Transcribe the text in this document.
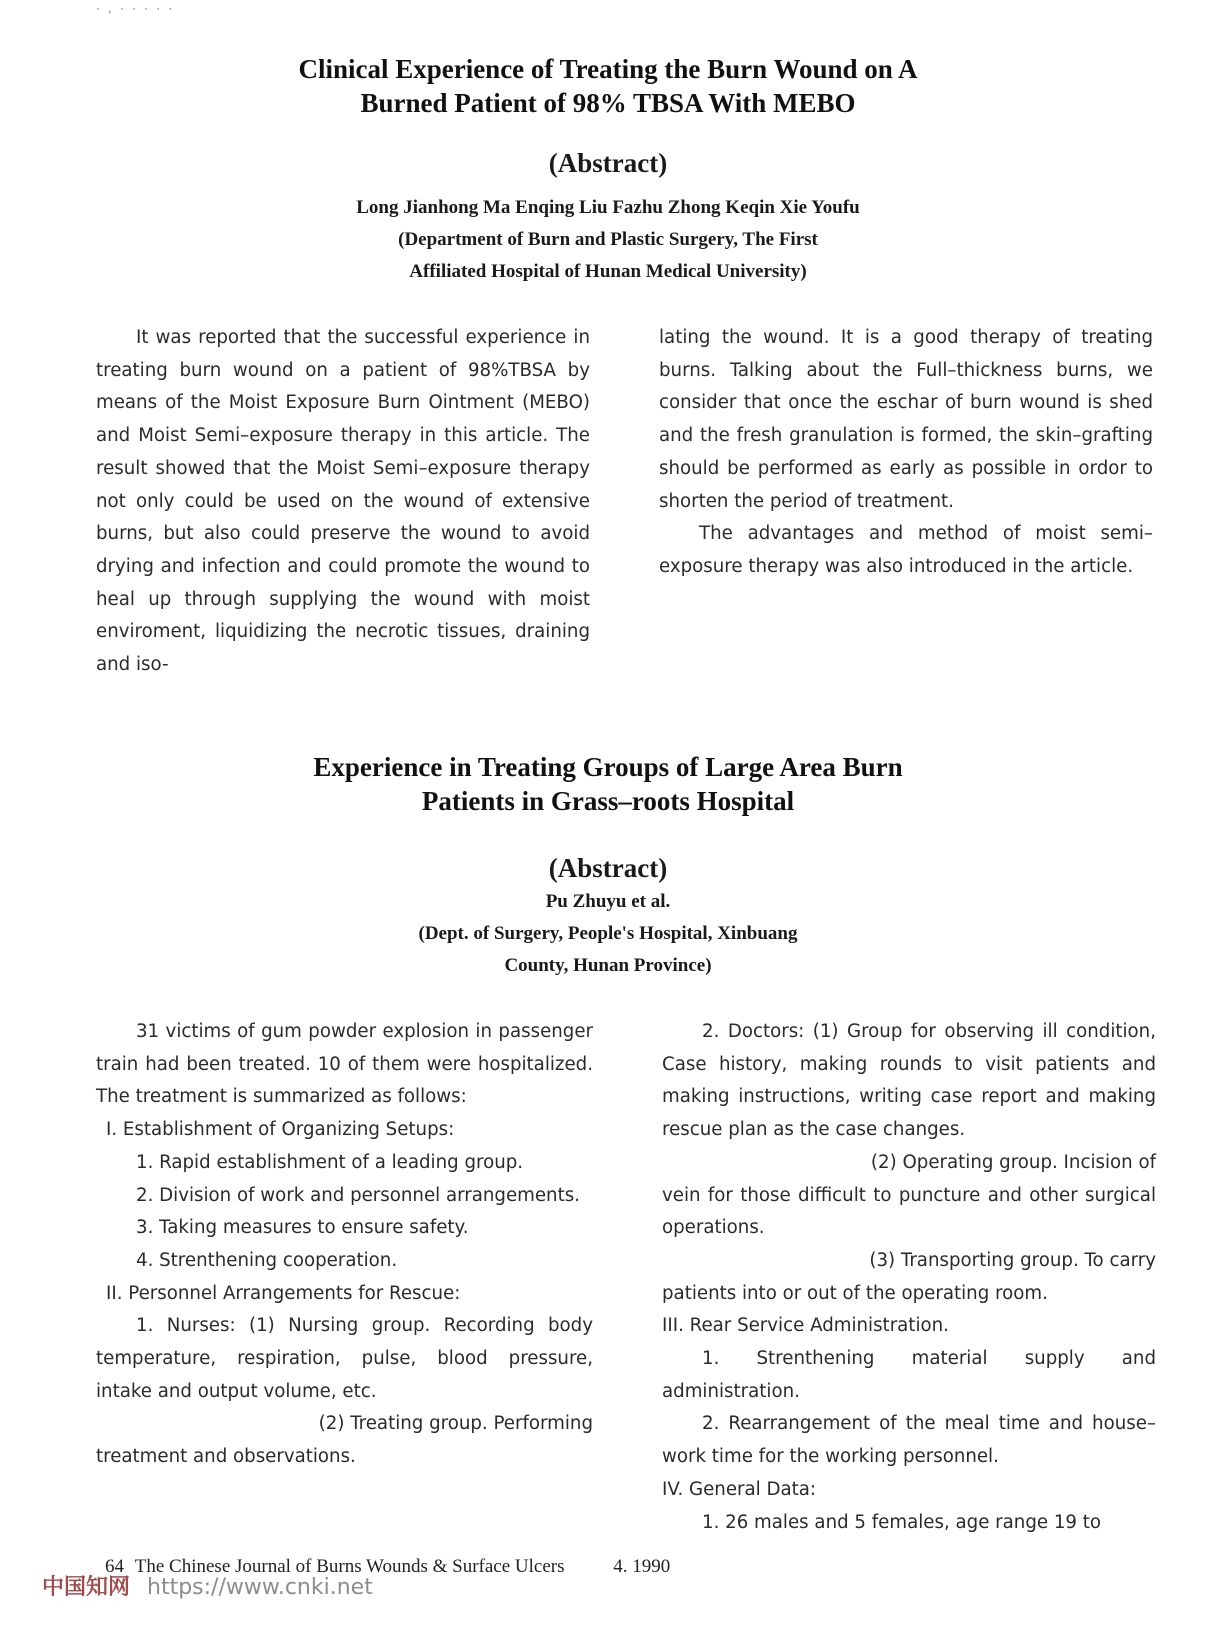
· , · · · · ·
Clinical Experience of Treating the Burn Wound on A
Burned Patient of 98% TBSA With MEBO
(Abstract)
Long Jianhong Ma Enqing Liu Fazhu Zhong Keqin Xie Youfu
(Department of Burn and Plastic Surgery, The First
Affiliated Hospital of Hunan Medical University)

It was reported that the successful experience in treating burn wound on a patient of 98%TBSA by means of the Moist Exposure Burn Ointment (MEBO) and Moist Semi–exposure therapy in this article. The result showed that the Moist Semi–exposure therapy not only could be used on the wound of extensive burns, but also could preserve the wound to avoid drying and infection and could promote the wound to heal up through supplying the wound with moist enviroment, liquidizing the necrotic tissues, draining and iso-

lating the wound. It is a good therapy of treating burns. Talking about the Full–thickness burns, we consider that once the eschar of burn wound is shed and the fresh granulation is formed, the skin–grafting should be performed as early as possible in ordor to shorten the period of treatment.

The advantages and method of moist semi–exposure therapy was also introduced in the article.

Experience in Treating Groups of Large Area Burn
Patients in Grass–roots Hospital
(Abstract)
Pu Zhuyu et al.
(Dept. of Surgery, People's Hospital, Xinbuang
County, Hunan Province)

31 victims of gum powder explosion in passenger train had been treated. 10 of them were hospitalized. The treatment is summarized as follows:

I. Establishment of Organizing Setups:

1. Rapid establishment of a leading group.

2. Division of work and personnel arrangements.

3. Taking measures to ensure safety.

4. Strenthening cooperation.

II. Personnel Arrangements for Rescue:

1. Nurses: (1) Nursing group. Recording body temperature, respiration, pulse, blood pressure, intake and output volume, etc.

(2) Treating group. Performing

treatment and observations.

2. Doctors: (1) Group for observing ill condition, Case history, making rounds to visit patients and making instructions, writing case report and making rescue plan as the case changes.

(2) Operating group. Incision of

vein for those difficult to puncture and other surgical operations.

(3) Transporting group. To carry

patients into or out of the operating room.

III. Rear Service Administration.

1. Strenthening material supply and administration.

2. Rearrangement of the meal time and house–work time for the working personnel.

IV. General Data:

1. 26 males and 5 females, age range 19 to

64 The Chinese Journal of Burns Wounds & Surface Ulcers	4. 1990
中国知网 https://www.cnki.net
